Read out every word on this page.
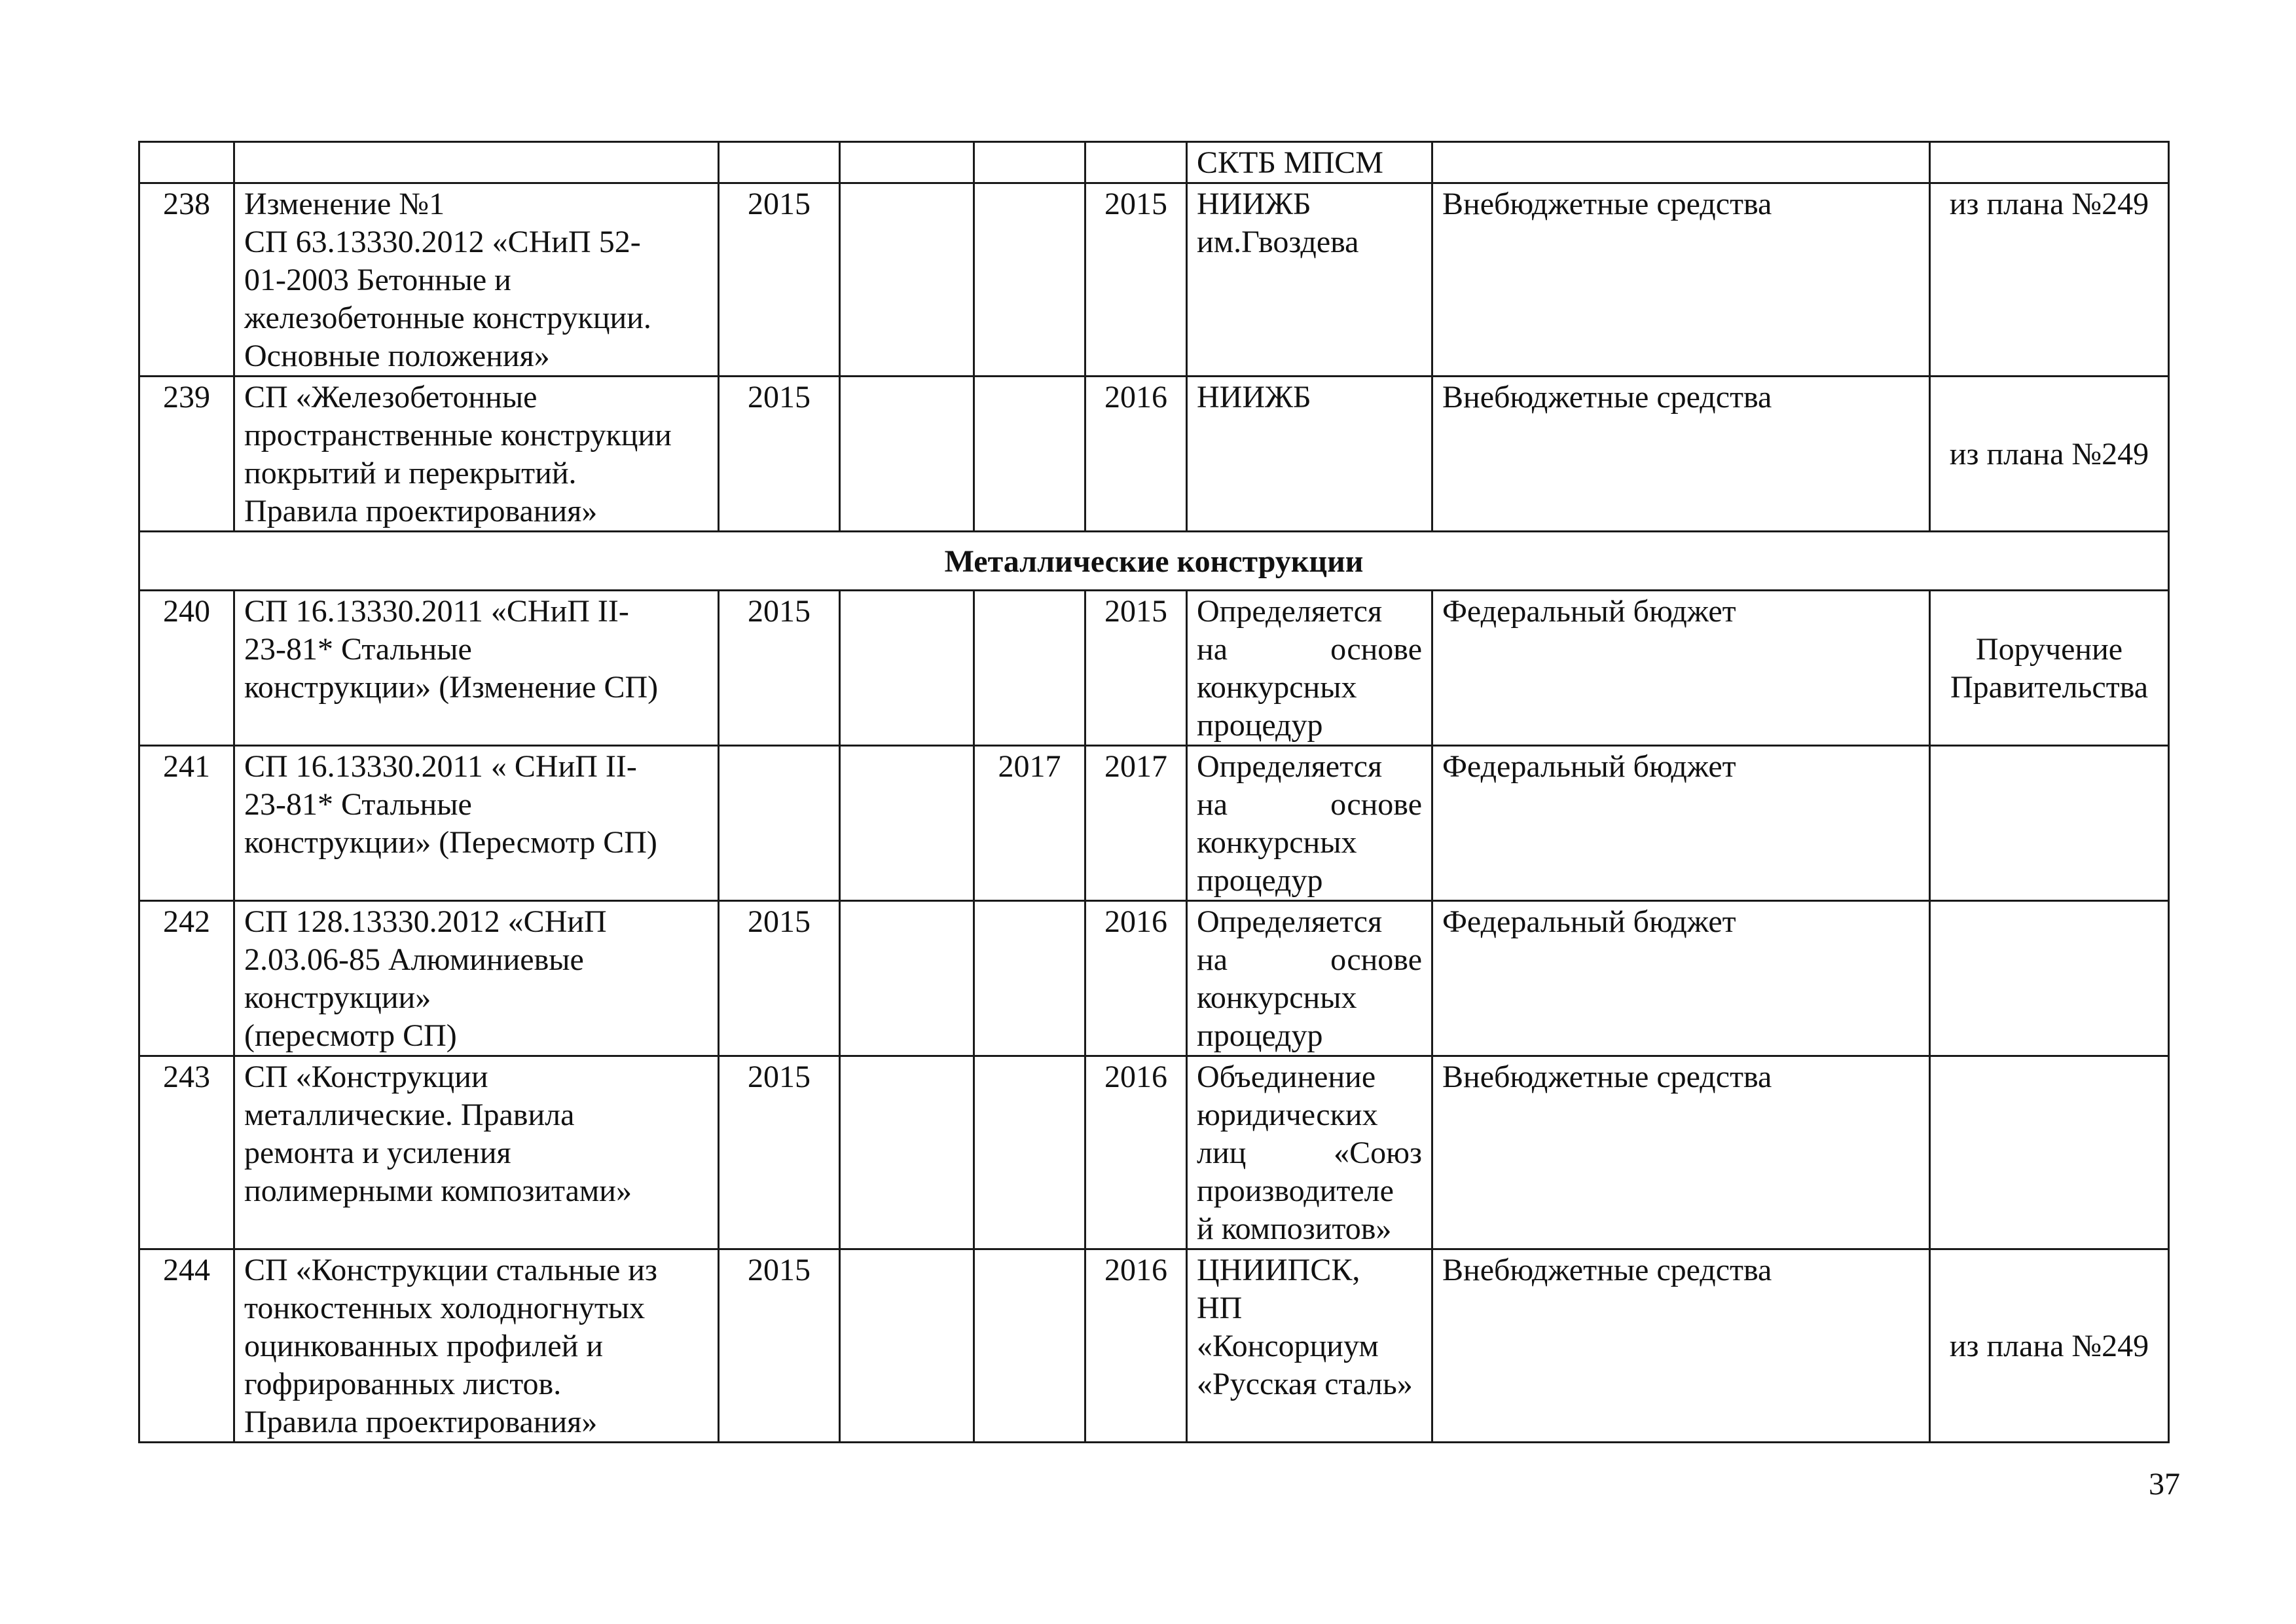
						СКТБ МПСМ		
238	Изменение №1
СП 63.13330.2012 «СНиП 52-
01-2003 Бетонные и
железобетонные конструкции.
Основные положения»	2015			2015	НИИЖБ
им.Гвоздева	Внебюджетные средства	из плана №249
239	СП «Железобетонные
пространственные конструкции
покрытий и перекрытий.
Правила проектирования»	2015			2016	НИИЖБ	Внебюджетные средства	из плана №249
Металлические конструкции								
240	СП 16.13330.2011 «СНиП II-
23-81* Стальные
конструкции» (Изменение СП)	2015			2015	Определяется
на основе
конкурсных
процедур	Федеральный бюджет	Поручение
Правительства

241	СП 16.13330.2011 « СНиП II-
23-81* Стальные
конструкции» (Пересмотр СП)			2017	2017	Определяется
на основе
конкурсных
процедур	Федеральный бюджет	
242	СП 128.13330.2012 «СНиП
2.03.06-85 Алюминиевые
конструкции»
(пересмотр СП)	2015			2016	Определяется
на основе
конкурсных
процедур	Федеральный бюджет	
243	СП «Конструкции
металлические. Правила
ремонта и усиления
полимерными композитами»	2015			2016	Объединение
юридических
лиц «Союз
производителе
й композитов»	Внебюджетные средства	
244	СП «Конструкции стальные из
тонкостенных холодногнутых
оцинкованных профилей и
гофрированных листов.
Правила проектирования»	2015			2016	ЦНИИПСК,
НП
«Консорциум
«Русская сталь»	Внебюджетные средства	из плана №249
37
